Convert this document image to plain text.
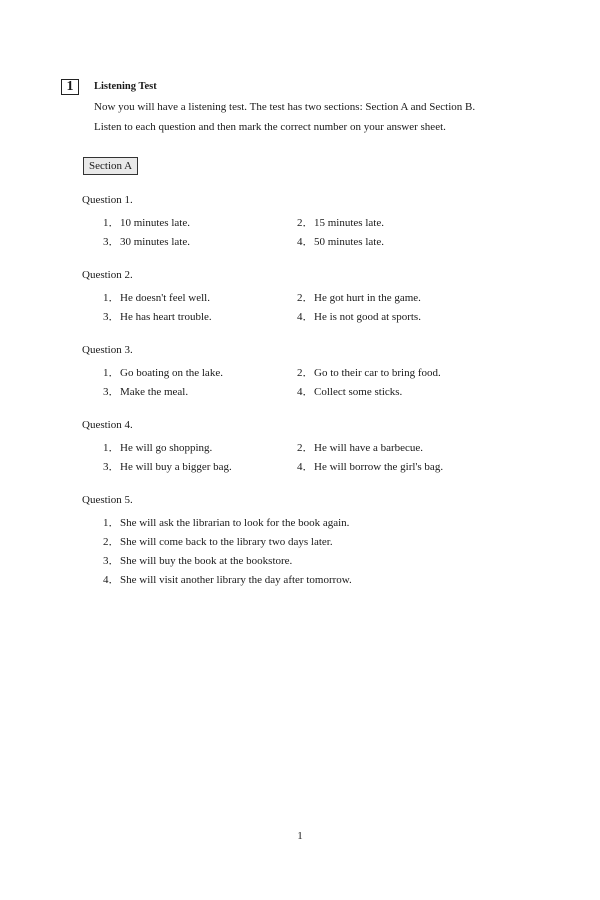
1	Listening Test
Now you will have a listening test. The test has two sections: Section A and Section B.
Listen to each question and then mark the correct number on your answer sheet.
Section A
Question 1.
1．10 minutes late.	2．15 minutes late.
3．30 minutes late.	4．50 minutes late.
Question 2.
1．He doesn't feel well.	2．He got hurt in the game.
3．He has heart trouble.	4．He is not good at sports.
Question 3.
1．Go boating on the lake.	2．Go to their car to bring food.
3．Make the meal.	4．Collect some sticks.
Question 4.
1．He will go shopping.	2．He will have a barbecue.
3．He will buy a bigger bag.	4．He will borrow the girl's bag.
Question 5.
1．She will ask the librarian to look for the book again.
2．She will come back to the library two days later.
3．She will buy the book at the bookstore.
4．She will visit another library the day after tomorrow.
1
